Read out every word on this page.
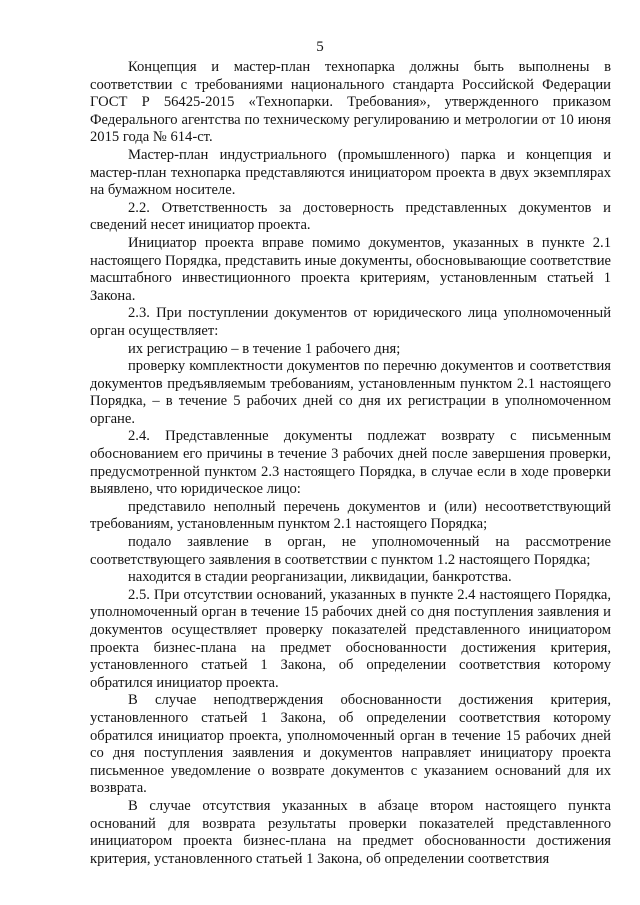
5

Концепция и мастер-план технопарка должны быть выполнены в соответствии с требованиями национального стандарта Российской Федерации ГОСТ Р 56425-2015 «Технопарки. Требования», утвержденного приказом Федерального агентства по техническому регулированию и метрологии от 10 июня 2015 года № 614-ст.

Мастер-план индустриального (промышленного) парка и концепция и мастер-план технопарка представляются инициатором проекта в двух экземплярах на бумажном носителе.

2.2. Ответственность за достоверность представленных документов и сведений несет инициатор проекта.

Инициатор проекта вправе помимо документов, указанных в пункте 2.1 настоящего Порядка, представить иные документы, обосновывающие соответствие масштабного инвестиционного проекта критериям, установленным статьей 1 Закона.

2.3. При поступлении документов от юридического лица уполномоченный орган осуществляет:

их регистрацию – в течение 1 рабочего дня;

проверку комплектности документов по перечню документов и соответствия документов предъявляемым требованиям, установленным пунктом 2.1 настоящего Порядка, – в течение 5 рабочих дней со дня их регистрации в уполномоченном органе.

2.4. Представленные документы подлежат возврату с письменным обоснованием его причины в течение 3 рабочих дней после завершения проверки, предусмотренной пунктом 2.3 настоящего Порядка, в случае если в ходе проверки выявлено, что юридическое лицо:

представило неполный перечень документов и (или) несоответствующий требованиям, установленным пунктом 2.1 настоящего Порядка;

подало заявление в орган, не уполномоченный на рассмотрение соответствующего заявления в соответствии с пунктом 1.2 настоящего Порядка;

находится в стадии реорганизации, ликвидации, банкротства.

2.5. При отсутствии оснований, указанных в пункте 2.4 настоящего Порядка, уполномоченный орган в течение 15 рабочих дней со дня поступления заявления и документов осуществляет проверку показателей представленного инициатором проекта бизнес-плана на предмет обоснованности достижения критерия, установленного статьей 1 Закона, об определении соответствия которому обратился инициатор проекта.

В случае неподтверждения обоснованности достижения критерия, установленного статьей 1 Закона, об определении соответствия которому обратился инициатор проекта, уполномоченный орган в течение 15 рабочих дней со дня поступления заявления и документов направляет инициатору проекта письменное уведомление о возврате документов с указанием оснований для их возврата.

В случае отсутствия указанных в абзаце втором настоящего пункта оснований для возврата результаты проверки показателей представленного инициатором проекта бизнес-плана на предмет обоснованности достижения критерия, установленного статьей 1 Закона, об определении соответствия
